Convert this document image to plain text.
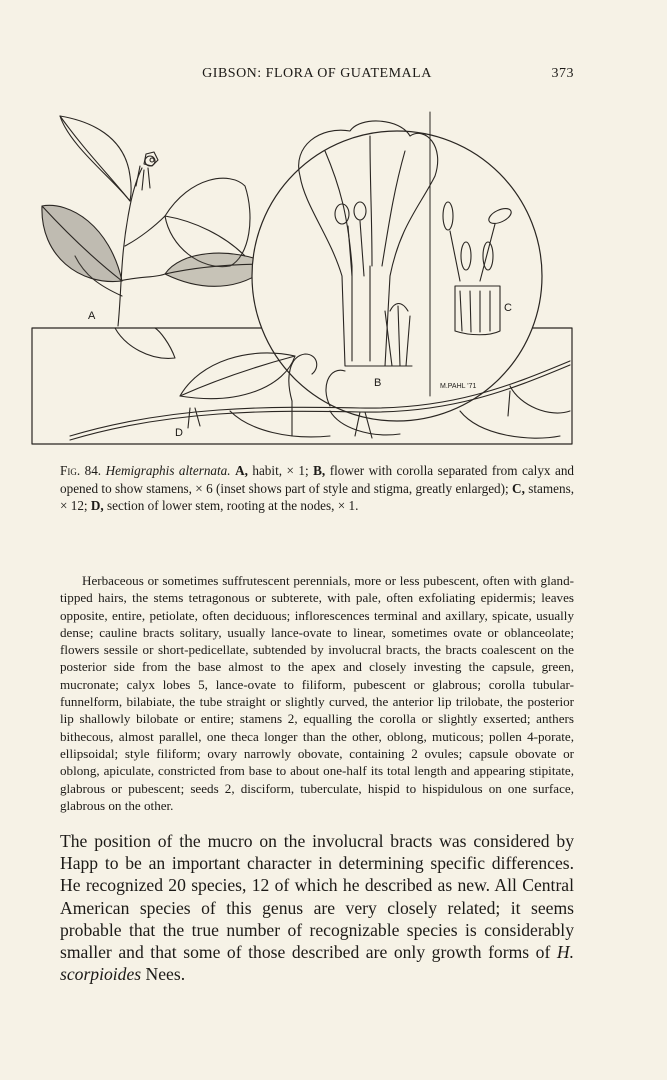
GIBSON: FLORA OF GUATEMALA	373
A
B
C
D
M.PAHL '71
Fig. 84. Hemigraphis alternata. A, habit, × 1; B, flower with corolla separated from calyx and opened to show stamens, × 6 (inset shows part of style and stigma, greatly enlarged); C, stamens, × 12; D, section of lower stem, rooting at the nodes, × 1.
Herbaceous or sometimes suffrutescent perennials, more or less pubescent, often with gland-tipped hairs, the stems tetragonous or subterete, with pale, often exfoliating epidermis; leaves opposite, entire, petiolate, often deciduous; inflorescences terminal and axillary, spicate, usually dense; cauline bracts solitary, usually lance-ovate to linear, sometimes ovate or oblanceolate; flowers sessile or short-pedicellate, subtended by involucral bracts, the bracts coalescent on the posterior side from the base almost to the apex and closely investing the capsule, green, mucronate; calyx lobes 5, lance-ovate to filiform, pubescent or glabrous; corolla tubular-funnelform, bilabiate, the tube straight or slightly curved, the anterior lip trilobate, the posterior lip shallowly bilobate or entire; stamens 2, equalling the corolla or slightly exserted; anthers bithecous, almost parallel, one theca longer than the other, oblong, muticous; pollen 4-porate, ellipsoidal; style filiform; ovary narrowly obovate, containing 2 ovules; capsule obovate or oblong, apiculate, constricted from base to about one-half its total length and appearing stipitate, glabrous or pubescent; seeds 2, disciform, tuberculate, hispid to hispidulous on one surface, glabrous on the other.
The position of the mucro on the involucral bracts was considered by Happ to be an important character in determining specific differences. He recognized 20 species, 12 of which he described as new. All Central American species of this genus are very closely related; it seems probable that the true number of recognizable species is considerably smaller and that some of those described are only growth forms of H. scorpioides Nees.
